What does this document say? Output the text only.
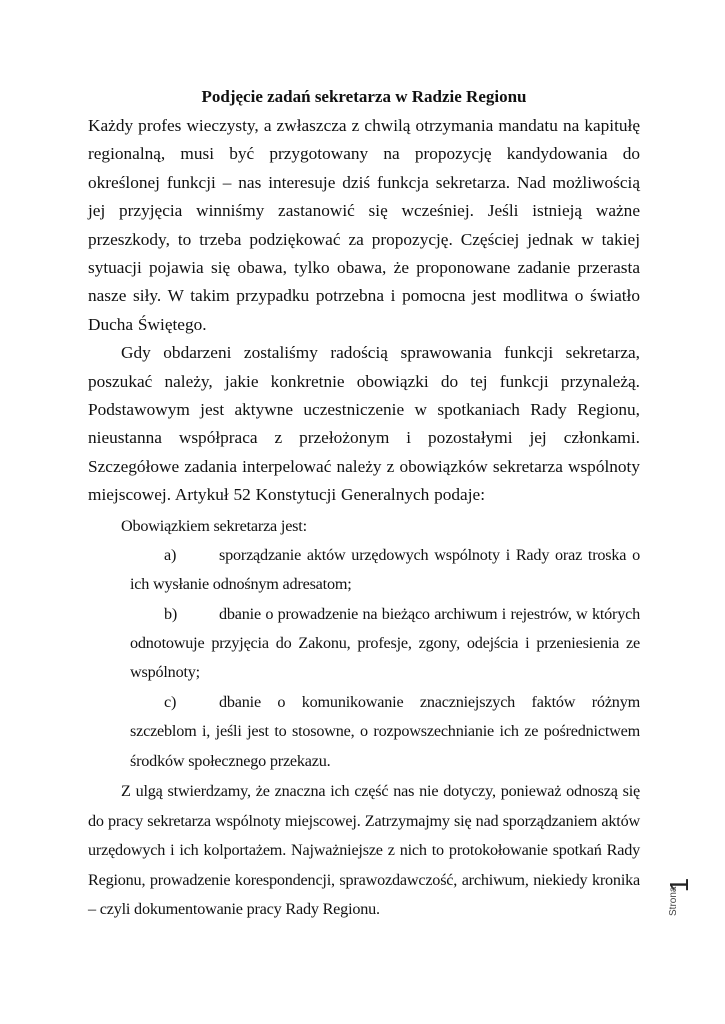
Podjęcie zadań sekretarza w Radzie Regionu

Każdy profes wieczysty, a zwłaszcza z chwilą otrzymania mandatu na kapitułę regionalną, musi być przygotowany na propozycję kandydowania do określonej funkcji – nas interesuje dziś funkcja sekretarza. Nad możliwością jej przyjęcia winniśmy zastanowić się wcześniej. Jeśli istnieją ważne przeszkody, to trzeba podziękować za propozycję. Częściej jednak w takiej sytuacji pojawia się obawa, tylko obawa, że proponowane zadanie przerasta nasze siły. W takim przypadku potrzebna i pomocna jest modlitwa o światło Ducha Świętego.

Gdy obdarzeni zostaliśmy radością sprawowania funkcji sekretarza, poszukać należy, jakie konkretnie obowiązki do tej funkcji przynależą. Podstawowym jest aktywne uczestniczenie w spotkaniach Rady Regionu, nieustanna współpraca z przełożonym i pozostałymi jej członkami. Szczegółowe zadania interpelować należy z obowiązków sekretarza wspólnoty miejscowej. Artykuł 52 Konstytucji Generalnych podaje:

Obowiązkiem sekretarza jest:

a)	sporządzanie aktów urzędowych wspólnoty i Rady oraz troska o ich wysłanie odnośnym adresatom;

b)	dbanie o prowadzenie na bieżąco archiwum i rejestrów, w których odnotowuje przyjęcia do Zakonu, profesje, zgony, odejścia i przeniesienia ze wspólnoty;

c)	dbanie o komunikowanie znaczniejszych faktów różnym szczeblom i, jeśli jest to stosowne, o rozpowszechnianie ich ze pośrednictwem środków społecznego przekazu.

Z ulgą stwierdzamy, że znaczna ich część nas nie dotyczy, ponieważ odnoszą się do pracy sekretarza wspólnoty miejscowej. Zatrzymajmy się nad sporządzaniem aktów urzędowych i ich kolportażem. Najważniejsze z nich to protokołowanie spotkań Rady Regionu, prowadzenie korespondencji, sprawozdawczość, archiwum, niekiedy kronika – czyli dokumentowanie pracy Rady Regionu.

1
Strona
